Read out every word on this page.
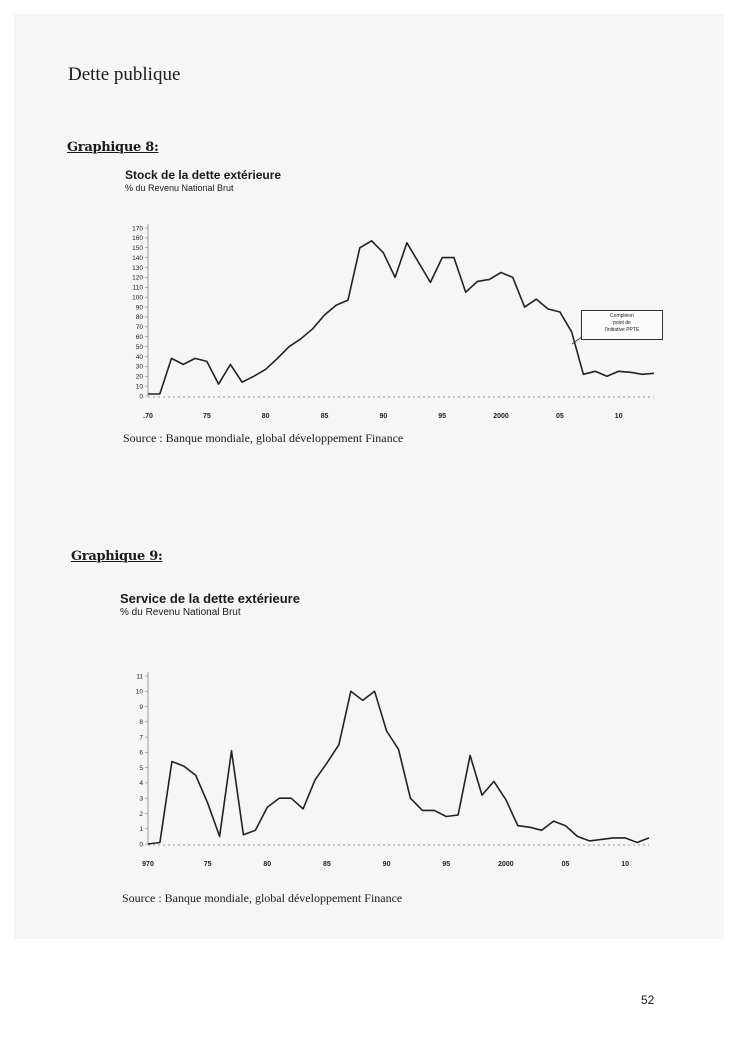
Dette publique

Graphique 8:

Stock de la dette extérieure

% du Revenu National Brut

0
10
20
30
40
50
60
70
80
90
100
110
120
130
140
150
160
170
.70	75	80	85	90	95	2000	05	10
Compleion
point de
l'initiative PPTE

Source : Banque mondiale, global développement Finance

Graphique 9:

Service de la dette extérieure

% du Revenu National Brut

0
1
2
3
4
5
6
7
8
9
10
11
970	75	80	85	90	95	2000	05	10

Source : Banque mondiale, global développement Finance

52
